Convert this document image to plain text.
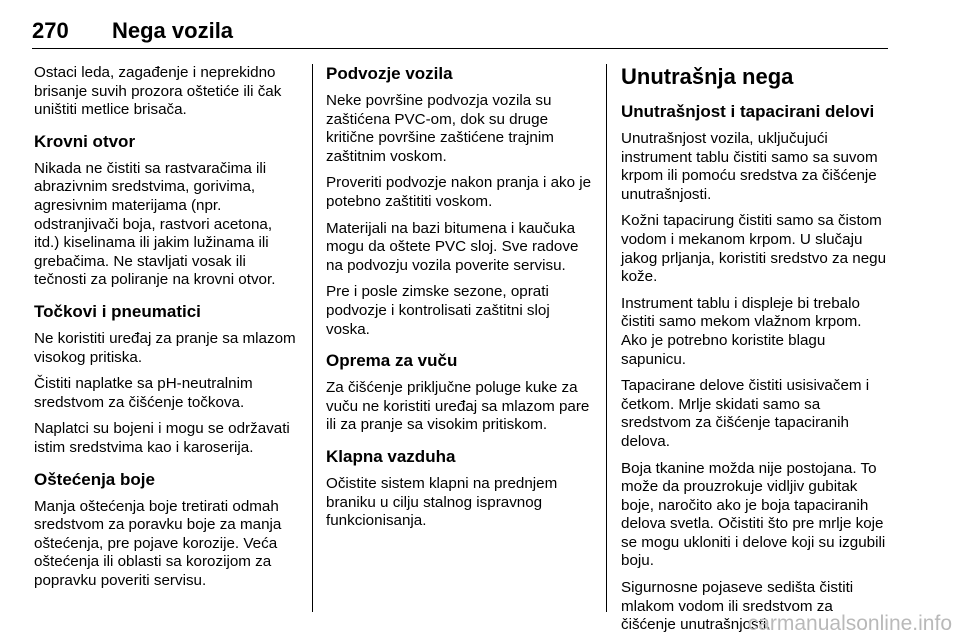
270 Nega vozila

Ostaci leda, zagađenje i neprekidno brisanje suvih prozora oštetiće ili čak uništiti metlice brisača.

Krovni otvor

Nikada ne čistiti sa rastvaračima ili abrazivnim sredstvima, gorivima, agresivnim materijama (npr. odstranjivači boja, rastvori acetona, itd.) kiselinama ili jakim lužinama ili grebačima. Ne stavljati vosak ili tečnosti za poliranje na krovni otvor.

Točkovi i pneumatici

Ne koristiti uređaj za pranje sa mlazom visokog pritiska.

Čistiti naplatke sa pH-neutralnim sredstvom za čišćenje točkova.

Naplatci su bojeni i mogu se održavati istim sredstvima kao i karoserija.

Oštećenja boje

Manja oštećenja boje tretirati odmah sredstvom za poravku boje za manja oštećenja, pre pojave korozije. Veća oštećenja ili oblasti sa korozijom za popravku poveriti servisu.

Podvozje vozila

Neke površine podvozja vozila su zaštićena PVC-om, dok su druge kritične površine zaštićene trajnim zaštitnim voskom.

Proveriti podvozje nakon pranja i ako je potebno zaštititi voskom.

Materijali na bazi bitumena i kaučuka mogu da oštete PVC sloj. Sve radove na podvozju vozila poverite servisu.

Pre i posle zimske sezone, oprati podvozje i kontrolisati zaštitni sloj voska.

Oprema za vuču

Za čišćenje priključne poluge kuke za vuču ne koristiti uređaj sa mlazom pare ili za pranje sa visokim pritiskom.

Klapna vazduha

Očistite sistem klapni na prednjem braniku u cilju stalnog ispravnog funkcionisanja.

Unutrašnja nega
Unutrašnjost i tapacirani delovi

Unutrašnjost vozila, uključujući instrument tablu čistiti samo sa suvom krpom ili pomoću sredstva za čišćenje unutrašnjosti.

Kožni tapacirung čistiti samo sa čistom vodom i mekanom krpom. U slučaju jakog prljanja, koristiti sredstvo za negu kože.

Instrument tablu i displeje bi trebalo čistiti samo mekom vlažnom krpom. Ako je potrebno koristite blagu sapunicu.

Tapacirane delove čistiti usisivačem i četkom. Mrlje skidati samo sa sredstvom za čišćenje tapaciranih delova.

Boja tkanine možda nije postojana. To može da prouzrokuje vidljiv gubitak boje, naročito ako je boja tapaciranih delova svetla. Očistiti što pre mrlje koje se mogu ukloniti i delove koji su izgubili boju.

Sigurnosne pojaseve sedišta čistiti mlakom vodom ili sredstvom za čišćenje unutrašnjosti.

carmanualsonline.info
